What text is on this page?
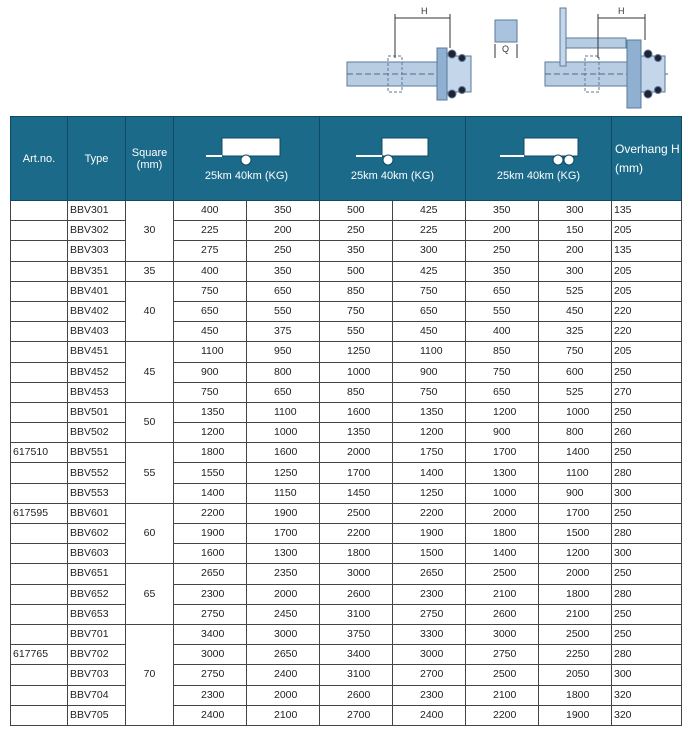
H
Q
H
Art.no.	Type	Square (mm)	25km 40km (KG)		25km 40km (KG)		25km 40km (KG)		Overhang H (mm)

	BBV301	30	400	350	500	425	350	300	135
	BBV302		225	200	250	225	200	150	205
	BBV303		275	250	350	300	250	200	135
	BBV351	35	400	350	500	425	350	300	205
	BBV401	40	750	650	850	750	650	525	205
	BBV402		650	550	750	650	550	450	220
	BBV403		450	375	550	450	400	325	220
	BBV451	45	1100	950	1250	1100	850	750	205
	BBV452		900	800	1000	900	750	600	250
	BBV453		750	650	850	750	650	525	270
	BBV501	50	1350	1100	1600	1350	1200	1000	250
	BBV502		1200	1000	1350	1200	900	800	260
617510	BBV551	55	1800	1600	2000	1750	1700	1400	250
	BBV552		1550	1250	1700	1400	1300	1100	280
	BBV553		1400	1150	1450	1250	1000	900	300
617595	BBV601	60	2200	1900	2500	2200	2000	1700	250
	BBV602		1900	1700	2200	1900	1800	1500	280
	BBV603		1600	1300	1800	1500	1400	1200	300
	BBV651	65	2650	2350	3000	2650	2500	2000	250
	BBV652		2300	2000	2600	2300	2100	1800	280
	BBV653		2750	2450	3100	2750	2600	2100	250
	BBV701	70	3400	3000	3750	3300	3000	2500	250
617765	BBV702		3000	2650	3400	3000	2750	2250	280
	BBV703		2750	2400	3100	2700	2500	2050	300
	BBV704		2300	2000	2600	2300	2100	1800	320
	BBV705		2400	2100	2700	2400	2200	1900	320
